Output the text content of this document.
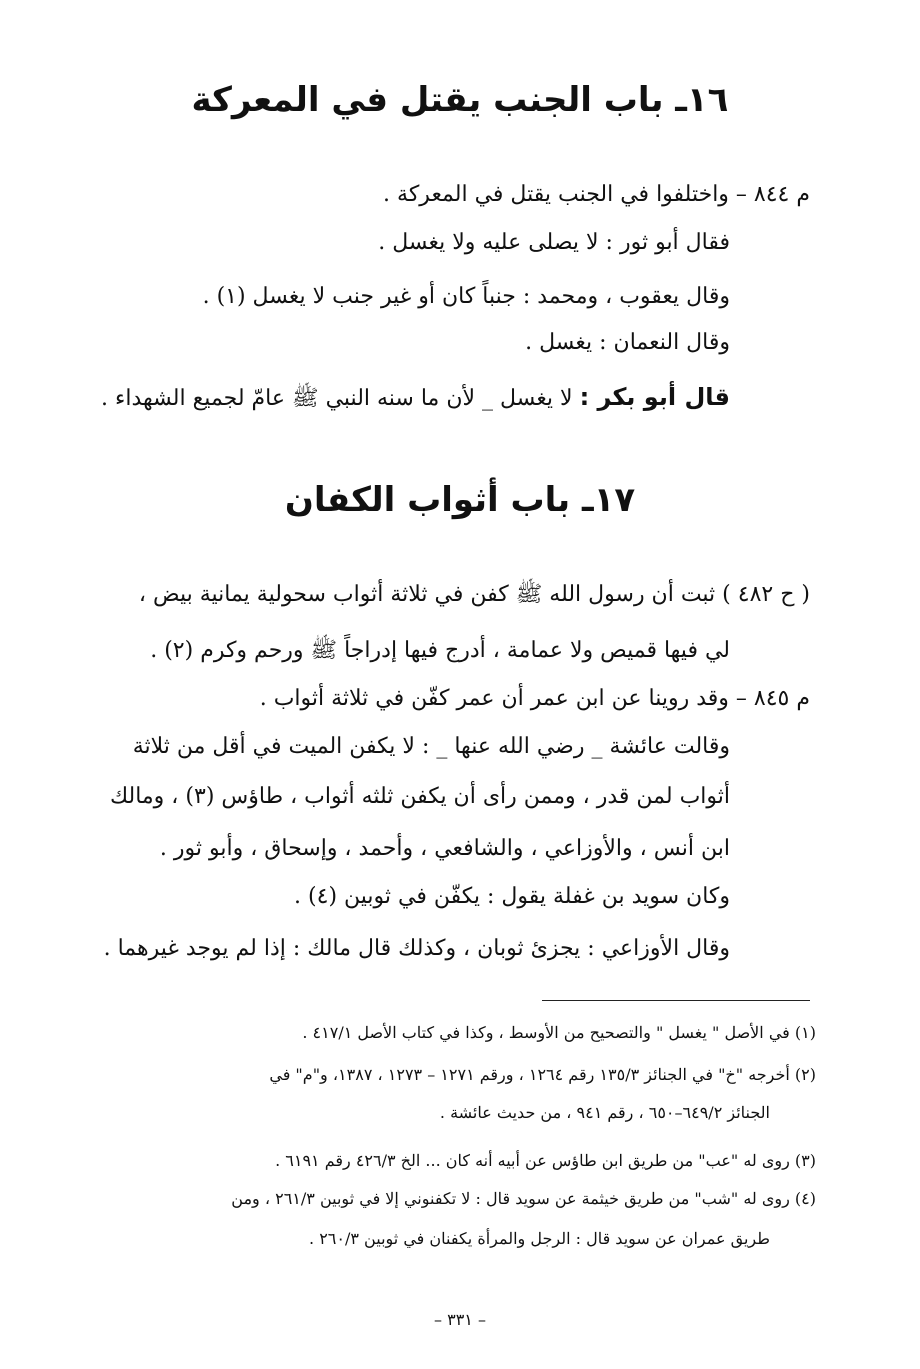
١٦ـ باب الجنب يقتل في المعركة

م ٨٤٤ – واختلفوا في الجنب يقتل في المعركة .

فقال أبو ثور : لا يصلى عليه ولا يغسل .

وقال يعقوب ، ومحمد : جنباً كان أو غير جنب لا يغسل (١) .

وقال النعمان : يغسل .

قال أبو بكر : لا يغسل _ لأن ما سنه النبي ﷺ عامّ لجميع الشهداء .

١٧ـ باب أثواب الكفان

( ح ٤٨٢ ) ثبت أن رسول الله ﷺ كفن في ثلاثة أثواب سحولية يمانية بيض ،

لي فيها قميص ولا عمامة ، أدرج فيها إدراجاً ﷺ ورحم وكرم (٢) .

م ٨٤٥ – وقد روينا عن ابن عمر أن عمر كفّن في ثلاثة أثواب .

وقالت عائشة _ رضي الله عنها _ : لا يكفن الميت في أقل من ثلاثة

أثواب لمن قدر ، وممن رأى أن يكفن ثلثه أثواب ، طاؤس (٣) ، ومالك

ابن أنس ، والأوزاعي ، والشافعي ، وأحمد ، وإسحاق ، وأبو ثور .

وكان سويد بن غفلة يقول : يكفّن في ثوبين (٤) .

وقال الأوزاعي : يجزئ ثوبان ، وكذلك قال مالك : إذا لم يوجد غيرهما .

(١) في الأصل " يغسل " والتصحيح من الأوسط ، وكذا في كتاب الأصل ٤١٧/١ .

(٢) أخرجه "خ" في الجنائز ١٣٥/٣ رقم ١٢٦٤ ، ورقم ١٢٧١ – ١٢٧٣ ، ١٣٨٧، و"م" في

الجنائز ٦٤٩/٢–٦٥٠ ، رقم ٩٤١ ، من حديث عائشة .

(٣) روى له "عب" من طريق ابن طاؤس عن أبيه أنه كان ... الخ ٤٢٦/٣ رقم ٦١٩١ .

(٤) روى له "شب" من طريق خيثمة عن سويد قال : لا تكفنوني إلا في ثوبين ٢٦١/٣ ، ومن

طريق عمران عن سويد قال : الرجل والمرأة يكفنان في ثوبين ٢٦٠/٣ .

– ٣٣١ –
